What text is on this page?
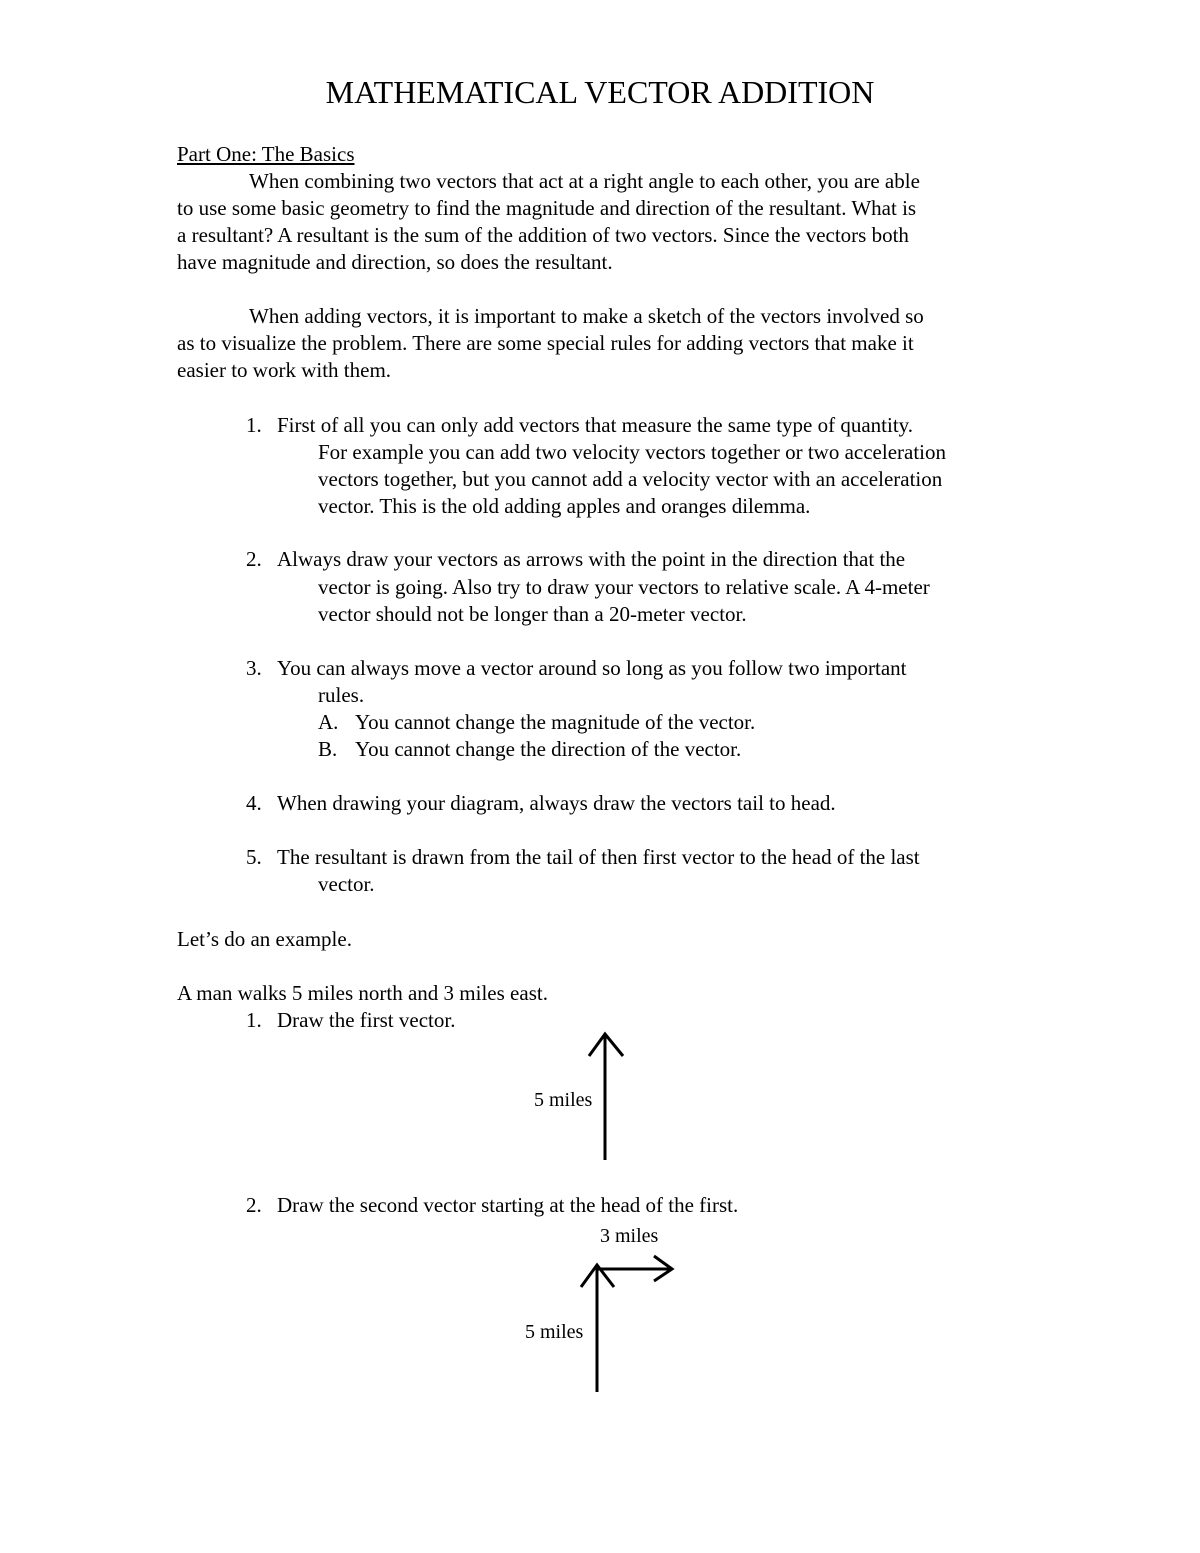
MATHEMATICAL VECTOR ADDITION
Part One: The Basics
When combining two vectors that act at a right angle to each other, you are able
to use some basic geometry to find the magnitude and direction of the resultant. What is
a resultant? A resultant is the sum of the addition of two vectors. Since the vectors both
have magnitude and direction, so does the resultant.
When adding vectors, it is important to make a sketch of the vectors involved so
as to visualize the problem. There are some special rules for adding vectors that make it
easier to work with them.
1. First of all you can only add vectors that measure the same type of quantity.
For example you can add two velocity vectors together or two acceleration
vectors together, but you cannot add a velocity vector with an acceleration
vector. This is the old adding apples and oranges dilemma.
2. Always draw your vectors as arrows with the point in the direction that the
vector is going. Also try to draw your vectors to relative scale. A 4-meter
vector should not be longer than a 20-meter vector.
3. You can always move a vector around so long as you follow two important
rules.
A. You cannot change the magnitude of the vector.
B. You cannot change the direction of the vector.
4. When drawing your diagram, always draw the vectors tail to head.
5. The resultant is drawn from the tail of then first vector to the head of the last
vector.
Let’s do an example.
A man walks 5 miles north and 3 miles east.
1. Draw the first vector.
5 miles
2. Draw the second vector starting at the head of the first.
3 miles
5 miles
